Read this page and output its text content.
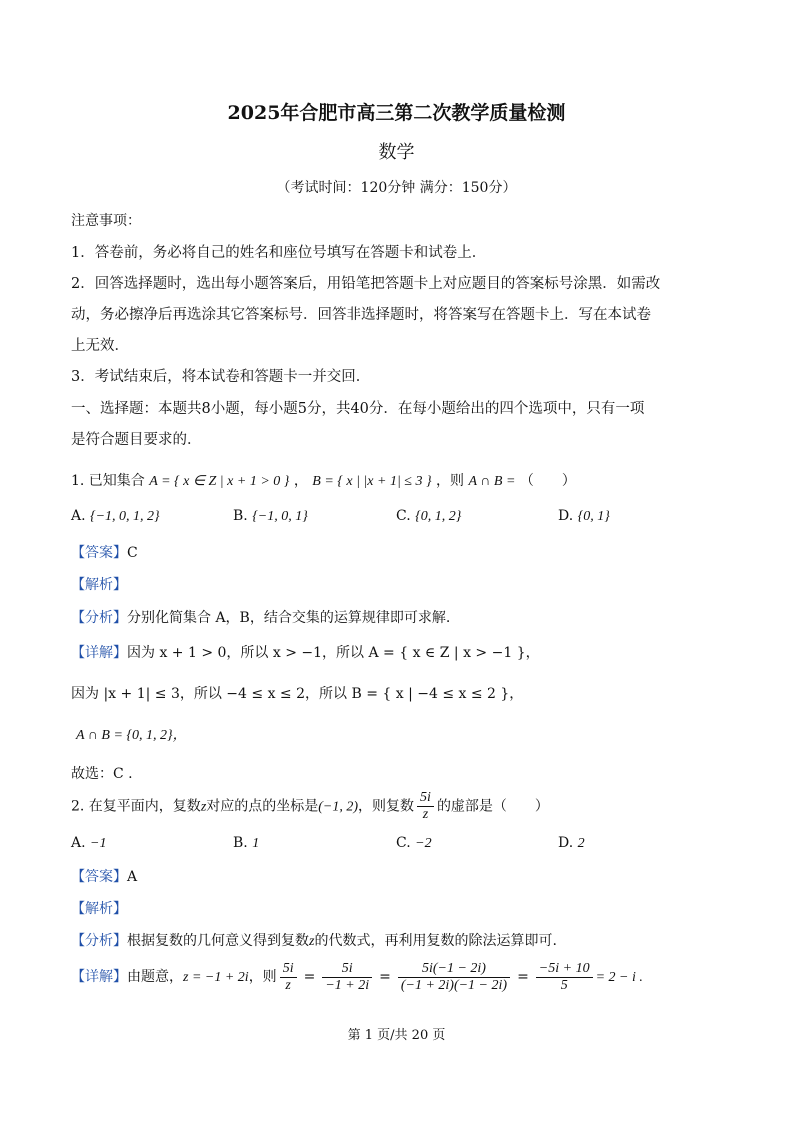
2025年合肥市高三第二次教学质量检测
数学
（考试时间：120分钟 满分：150分）
注意事项：
1．答卷前，务必将自己的姓名和座位号填写在答题卡和试卷上．
2．回答选择题时，选出每小题答案后，用铅笔把答题卡上对应题目的答案标号涂黑．如需改
动，务必擦净后再选涂其它答案标号．回答非选择题时，将答案写在答题卡上．写在本试卷
上无效．
3．考试结束后，将本试卷和答题卡一并交回．
一、选择题：本题共8小题，每小题5分，共40分．在每小题给出的四个选项中，只有一项
是符合题目要求的．
1. 已知集合 A = { x ∈ Z | x + 1 > 0 } ， B = { x | |x + 1| ≤ 3 } ，则 A ∩ B = （　　）
A. {−1, 0, 1, 2}	B. {−1, 0, 1}	C. {0, 1, 2}	D. {0, 1}
【答案】C
【解析】
【分析】分别化简集合 A，B，结合交集的运算规律即可求解.
【详解】因为 x + 1 > 0，所以 x > −1，所以 A = { x ∈ Z | x > −1 }，
因为 |x + 1| ≤ 3，所以 −4 ≤ x ≤ 2，所以 B = { x | −4 ≤ x ≤ 2 }，
A ∩ B = {0, 1, 2}，
故选：C .
2. 在复平面内，复数z对应的点的坐标是(−1, 2)，则复数 $\frac{5i}{z}$ 的虚部是（　　）
A. −1	B. 1	C. −2	D. 2
【答案】A
【解析】
【分析】根据复数的几何意义得到复数z的代数式，再利用复数的除法运算即可.
【详解】由题意，z = −1 + 2i，则 $\frac{5i}{z} = \frac{5i}{-1 + 2i} = \frac{5i(-1 - 2i)}{(-1 + 2i)(-1 - 2i)} = \frac{-5i + 10}{5} = 2 - i$ .
第 1 页/共 20 页
